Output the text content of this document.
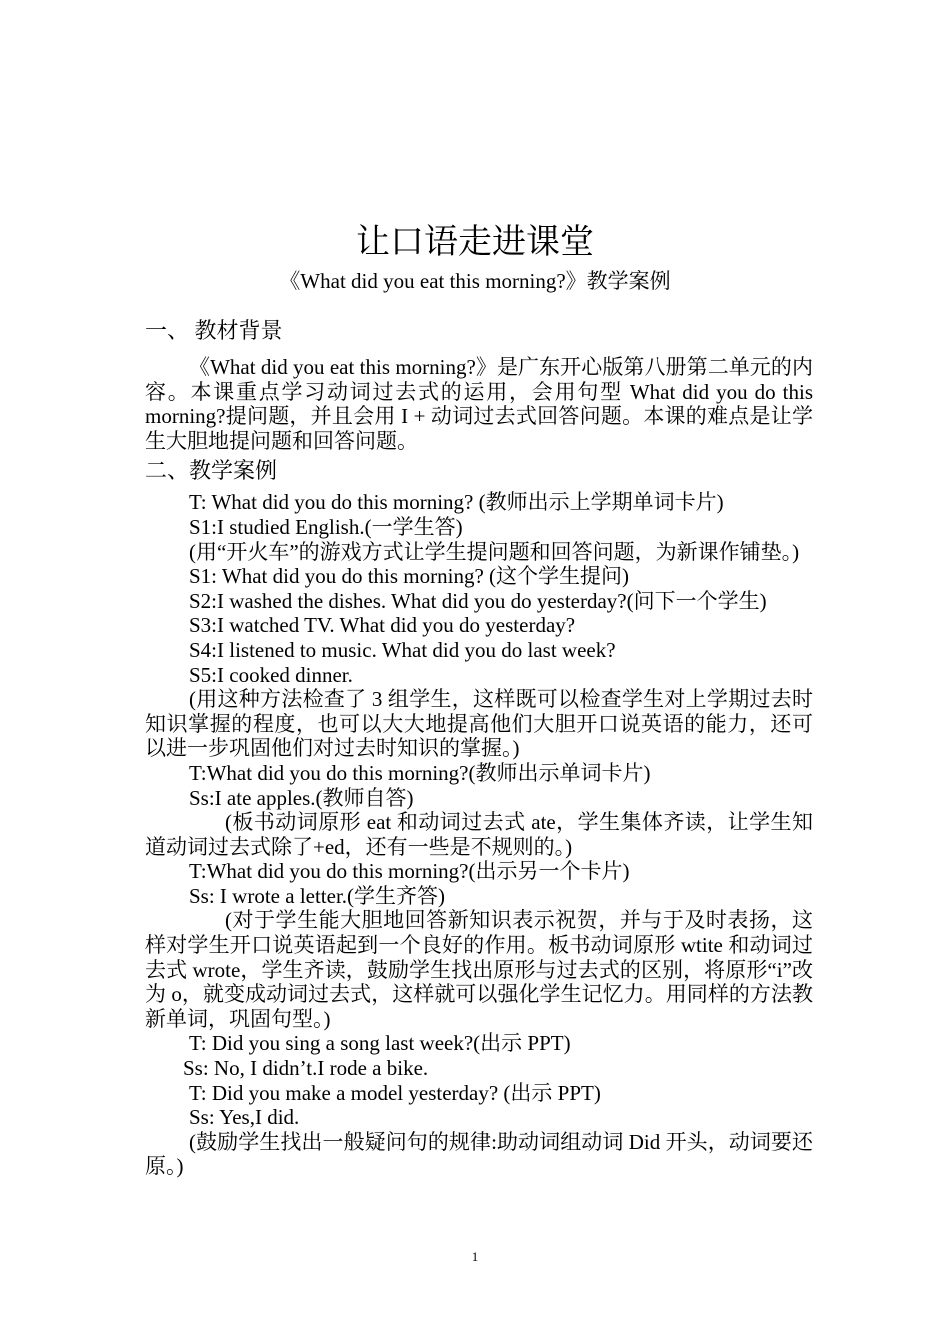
让口语走进课堂
《What did you eat this morning?》教学案例
一、 教材背景

《What did you eat this morning?》是广东开心版第八册第二单元的内容。本课重点学习动词过去式的运用，会用句型 What did you do this morning?提问题，并且会用 I + 动词过去式回答问题。本课的难点是让学生大胆地提问题和回答问题。

二、教学案例

T: What did you do this morning? (教师出示上学期单词卡片)

S1:I studied English.(一学生答)

(用“开火车”的游戏方式让学生提问题和回答问题，为新课作铺垫。)

S1: What did you do this morning? (这个学生提问)

S2:I washed the dishes. What did you do yesterday?(问下一个学生)

S3:I watched TV. What did you do yesterday?

S4:I listened to music. What did you do last week?

S5:I cooked dinner.

(用这种方法检查了 3 组学生，这样既可以检查学生对上学期过去时知识掌握的程度，也可以大大地提高他们大胆开口说英语的能力，还可以进一步巩固他们对过去时知识的掌握。)

T:What did you do this morning?(教师出示单词卡片)

Ss:I ate apples.(教师自答)

(板书动词原形 eat 和动词过去式 ate，学生集体齐读，让学生知道动词过去式除了+ed，还有一些是不规则的。)

T:What did you do this morning?(出示另一个卡片)

Ss: I wrote a letter.(学生齐答)

(对于学生能大胆地回答新知识表示祝贺，并与于及时表扬，这样对学生开口说英语起到一个良好的作用。板书动词原形 wtite 和动词过去式 wrote，学生齐读，鼓励学生找出原形与过去式的区别，将原形“i”改为 o，就变成动词过去式，这样就可以强化学生记忆力。用同样的方法教新单词，巩固句型。)

T: Did you sing a song last week?(出示 PPT)

Ss: No, I didn’t.I rode a bike.

T: Did you make a model yesterday? (出示 PPT)

Ss: Yes,I did.

(鼓励学生找出一般疑问句的规律:助动词组动词 Did 开头，动词要还原。)

1
